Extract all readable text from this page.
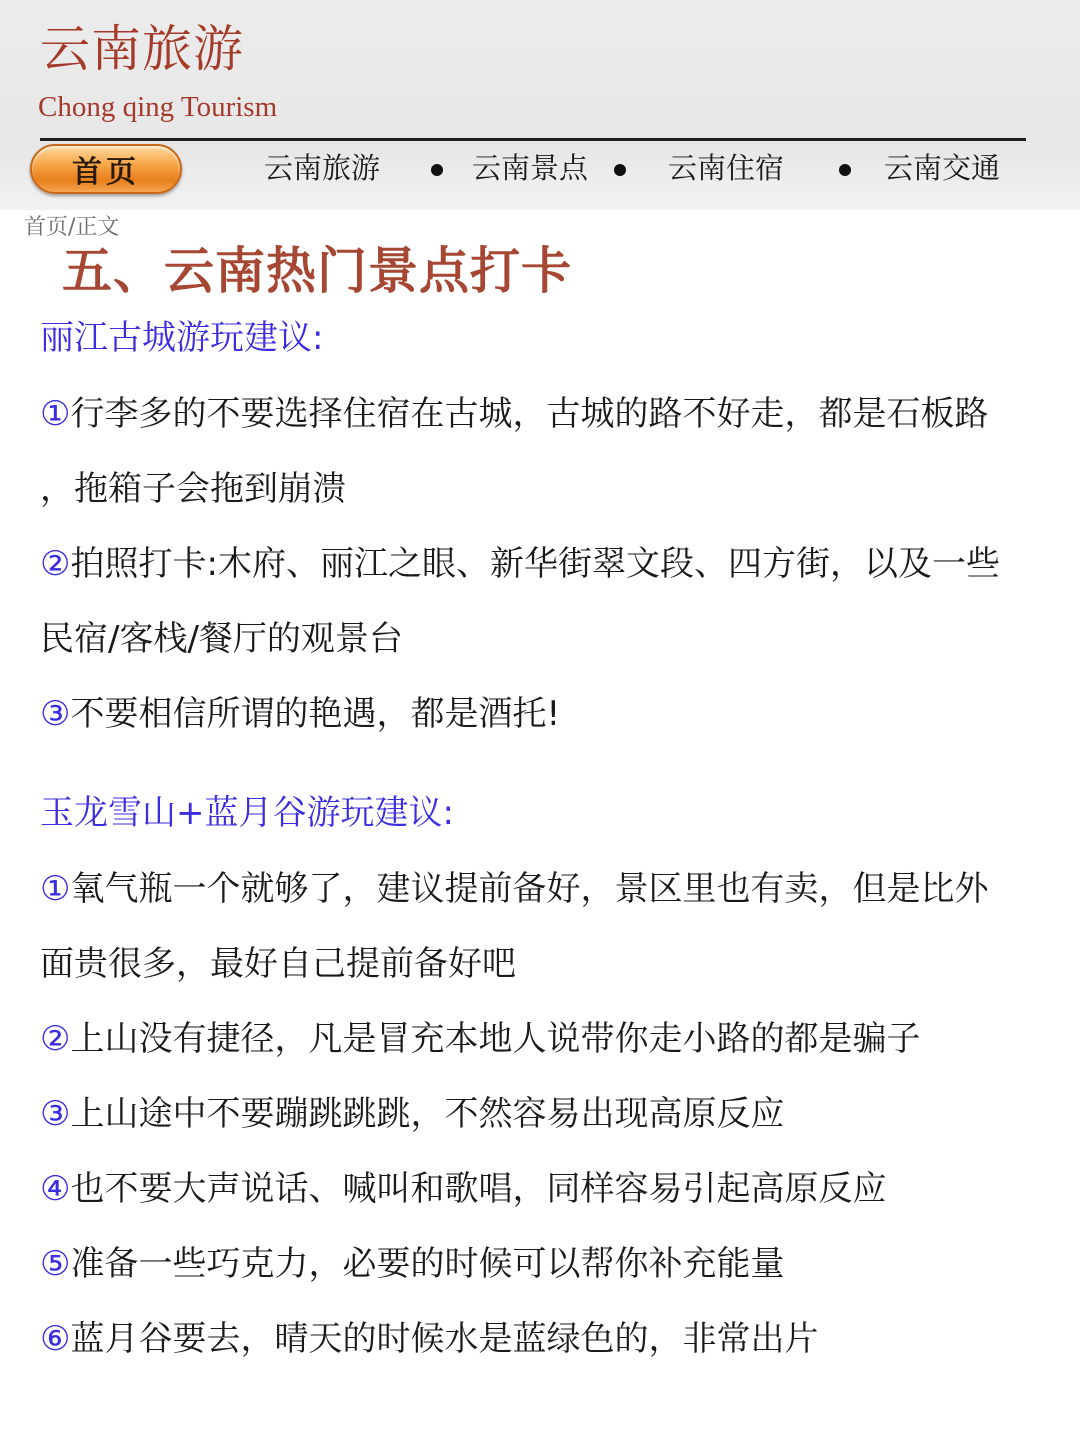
云南旅游
Chong qing Tourism
首页	云南旅游	云南景点	云南住宿	云南交通
首页/正文
五、云南热门景点打卡
丽江古城游玩建议:
①行李多的不要选择住宿在古城，古城的路不好走，都是石板路
，拖箱子会拖到崩溃
②拍照打卡:木府、丽江之眼、新华街翠文段、四方街，以及一些
民宿/客栈/餐厅的观景台
③不要相信所谓的艳遇，都是酒托!
玉龙雪山+蓝月谷游玩建议:
①氧气瓶一个就够了，建议提前备好，景区里也有卖，但是比外
面贵很多，最好自己提前备好吧
②上山没有捷径，凡是冒充本地人说带你走小路的都是骗子
③上山途中不要蹦跳跳跳，不然容易出现高原反应
④也不要大声说话、喊叫和歌唱，同样容易引起高原反应
⑤准备一些巧克力，必要的时候可以帮你补充能量
⑥蓝月谷要去，晴天的时候水是蓝绿色的，非常出片
